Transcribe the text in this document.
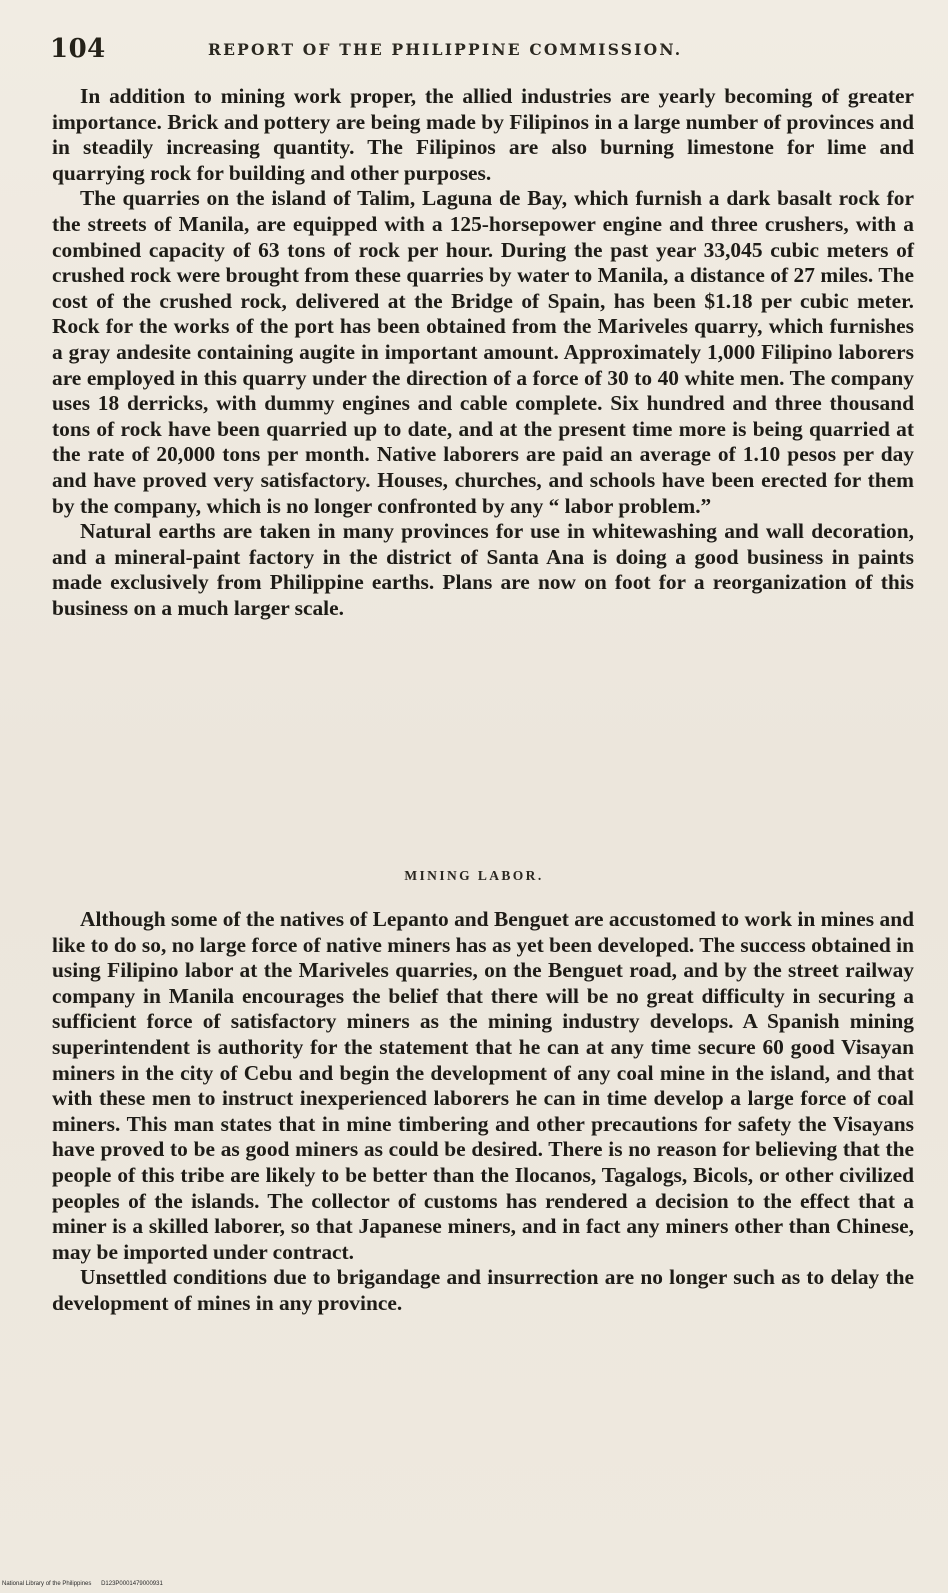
104	REPORT OF THE PHILIPPINE COMMISSION.

In addition to mining work proper, the allied industries are yearly becoming of greater importance. Brick and pottery are being made by Filipinos in a large number of provinces and in steadily increasing quantity. The Filipinos are also burning limestone for lime and quarrying rock for building and other purposes.

The quarries on the island of Talim, Laguna de Bay, which furnish a dark basalt rock for the streets of Manila, are equipped with a 125-horsepower engine and three crushers, with a combined capacity of 63 tons of rock per hour. During the past year 33,045 cubic meters of crushed rock were brought from these quarries by water to Manila, a distance of 27 miles. The cost of the crushed rock, delivered at the Bridge of Spain, has been $1.18 per cubic meter. Rock for the works of the port has been obtained from the Mariveles quarry, which furnishes a gray andesite containing augite in important amount. Approximately 1,000 Filipino laborers are employed in this quarry under the direction of a force of 30 to 40 white men. The company uses 18 derricks, with dummy engines and cable complete. Six hundred and three thousand tons of rock have been quarried up to date, and at the present time more is being quarried at the rate of 20,000 tons per month. Native laborers are paid an average of 1.10 pesos per day and have proved very satisfactory. Houses, churches, and schools have been erected for them by the company, which is no longer confronted by any “ labor problem.”

Natural earths are taken in many provinces for use in whitewashing and wall decoration, and a mineral-paint factory in the district of Santa Ana is doing a good business in paints made exclusively from Philippine earths. Plans are now on foot for a reorganization of this business on a much larger scale.

MINING LABOR.

Although some of the natives of Lepanto and Benguet are accustomed to work in mines and like to do so, no large force of native miners has as yet been developed. The success obtained in using Filipino labor at the Mariveles quarries, on the Benguet road, and by the street railway company in Manila encourages the belief that there will be no great difficulty in securing a sufficient force of satisfactory miners as the mining industry develops. A Spanish mining superintendent is authority for the statement that he can at any time secure 60 good Visayan miners in the city of Cebu and begin the development of any coal mine in the island, and that with these men to instruct inexperienced laborers he can in time develop a large force of coal miners. This man states that in mine timbering and other precautions for safety the Visayans have proved to be as good miners as could be desired. There is no reason for believing that the people of this tribe are likely to be better than the Ilocanos, Tagalogs, Bicols, or other civilized peoples of the islands. The collector of customs has rendered a decision to the effect that a miner is a skilled laborer, so that Japanese miners, and in fact any miners other than Chinese, may be imported under contract.

Unsettled conditions due to brigandage and insurrection are no longer such as to delay the development of mines in any province.

National Library of the Philippines D123P0001479000931
